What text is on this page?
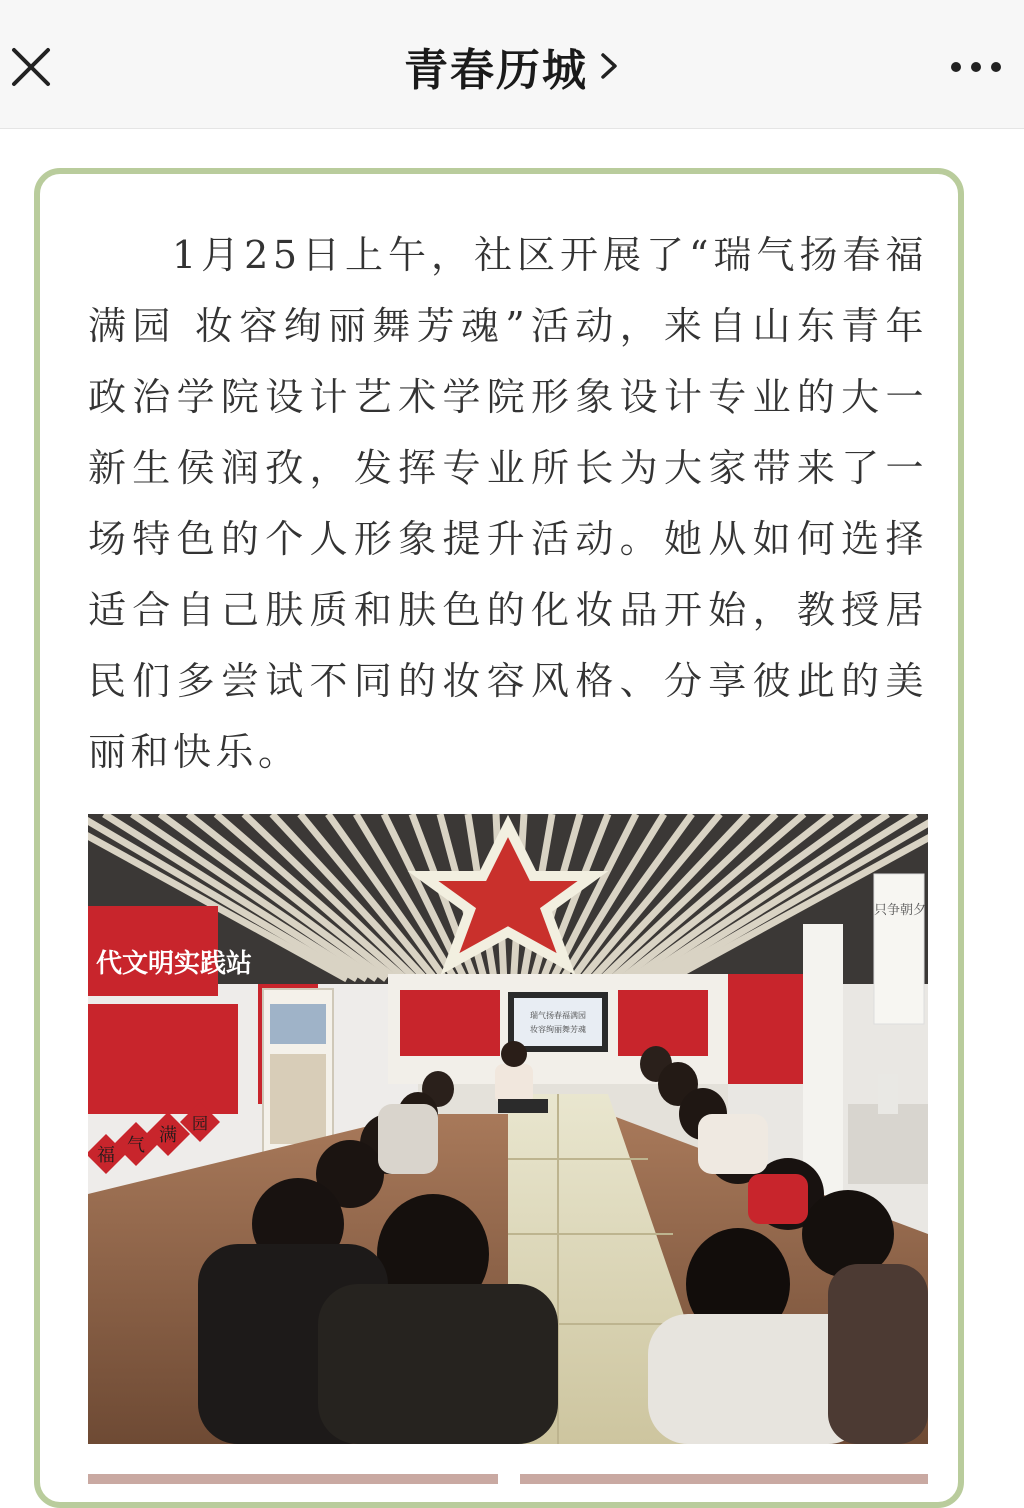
青春历城

1月25日上午，社区开展了“瑞气扬春福满园 妆容绚丽舞芳魂”活动，来自山东青年政治学院设计艺术学院形象设计专业的大一新生侯润孜，发挥专业所长为大家带来了一场特色的个人形象提升活动。她从如何选择适合自己肤质和肤色的化妆品开始，教授居民们多尝试不同的妆容风格、分享彼此的美丽和快乐。

瑞气扬春福满园
妆容绚丽舞芳魂
只争朝夕
代文明实践站
福 气 满
园
